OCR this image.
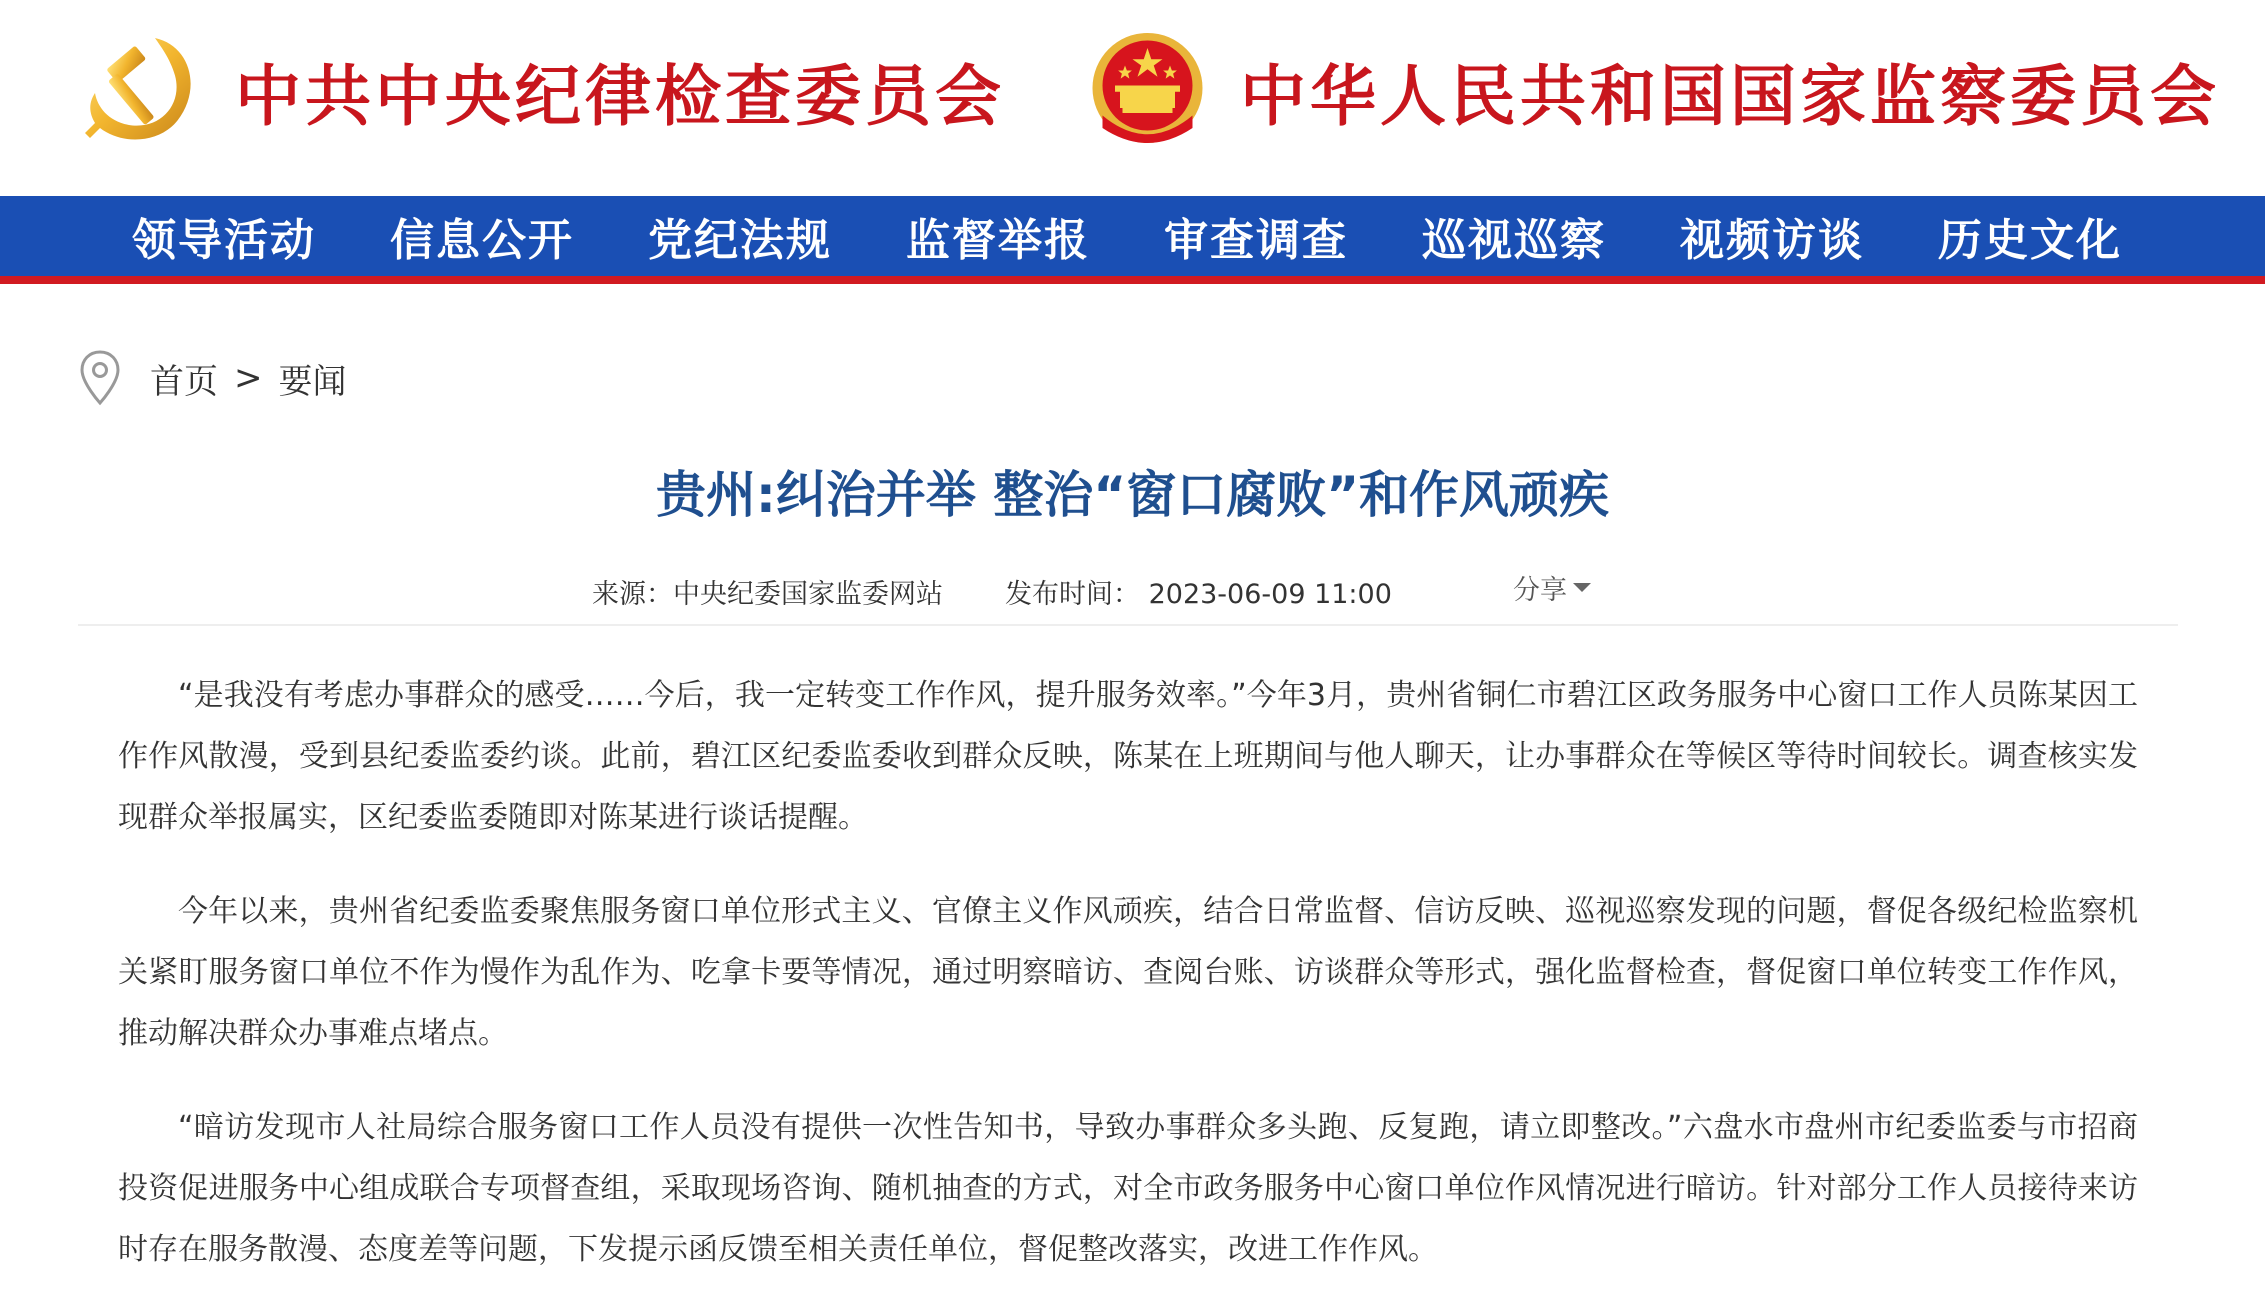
中共中央纪律检查委员会	中华人民共和国国家监察委员会
领导活动	信息公开	党纪法规	监督举报	审查调查	巡视巡察	视频访谈	历史文化
首页 > 要闻
贵州:纠治并举 整治“窗口腐败”和作风顽疾
来源：中央纪委国家监委网站 发布时间： 2023-06-09 11:00	分享

“是我没有考虑办事群众的感受……今后，我一定转变工作作风，提升服务效率。”今年3月，贵州省铜仁市碧江区政务服务中心窗口工作人员陈某因工作作风散漫，受到县纪委监委约谈。此前，碧江区纪委监委收到群众反映，陈某在上班期间与他人聊天，让办事群众在等候区等待时间较长。调查核实发现群众举报属实，区纪委监委随即对陈某进行谈话提醒。

今年以来，贵州省纪委监委聚焦服务窗口单位形式主义、官僚主义作风顽疾，结合日常监督、信访反映、巡视巡察发现的问题，督促各级纪检监察机关紧盯服务窗口单位不作为慢作为乱作为、吃拿卡要等情况，通过明察暗访、查阅台账、访谈群众等形式，强化监督检查，督促窗口单位转变工作作风，推动解决群众办事难点堵点。

“暗访发现市人社局综合服务窗口工作人员没有提供一次性告知书，导致办事群众多头跑、反复跑，请立即整改。”六盘水市盘州市纪委监委与市招商投资促进服务中心组成联合专项督查组，采取现场咨询、随机抽查的方式，对全市政务服务中心窗口单位作风情况进行暗访。针对部分工作人员接待来访时存在服务散漫、态度差等问题，下发提示函反馈至相关责任单位，督促整改落实，改进工作作风。
